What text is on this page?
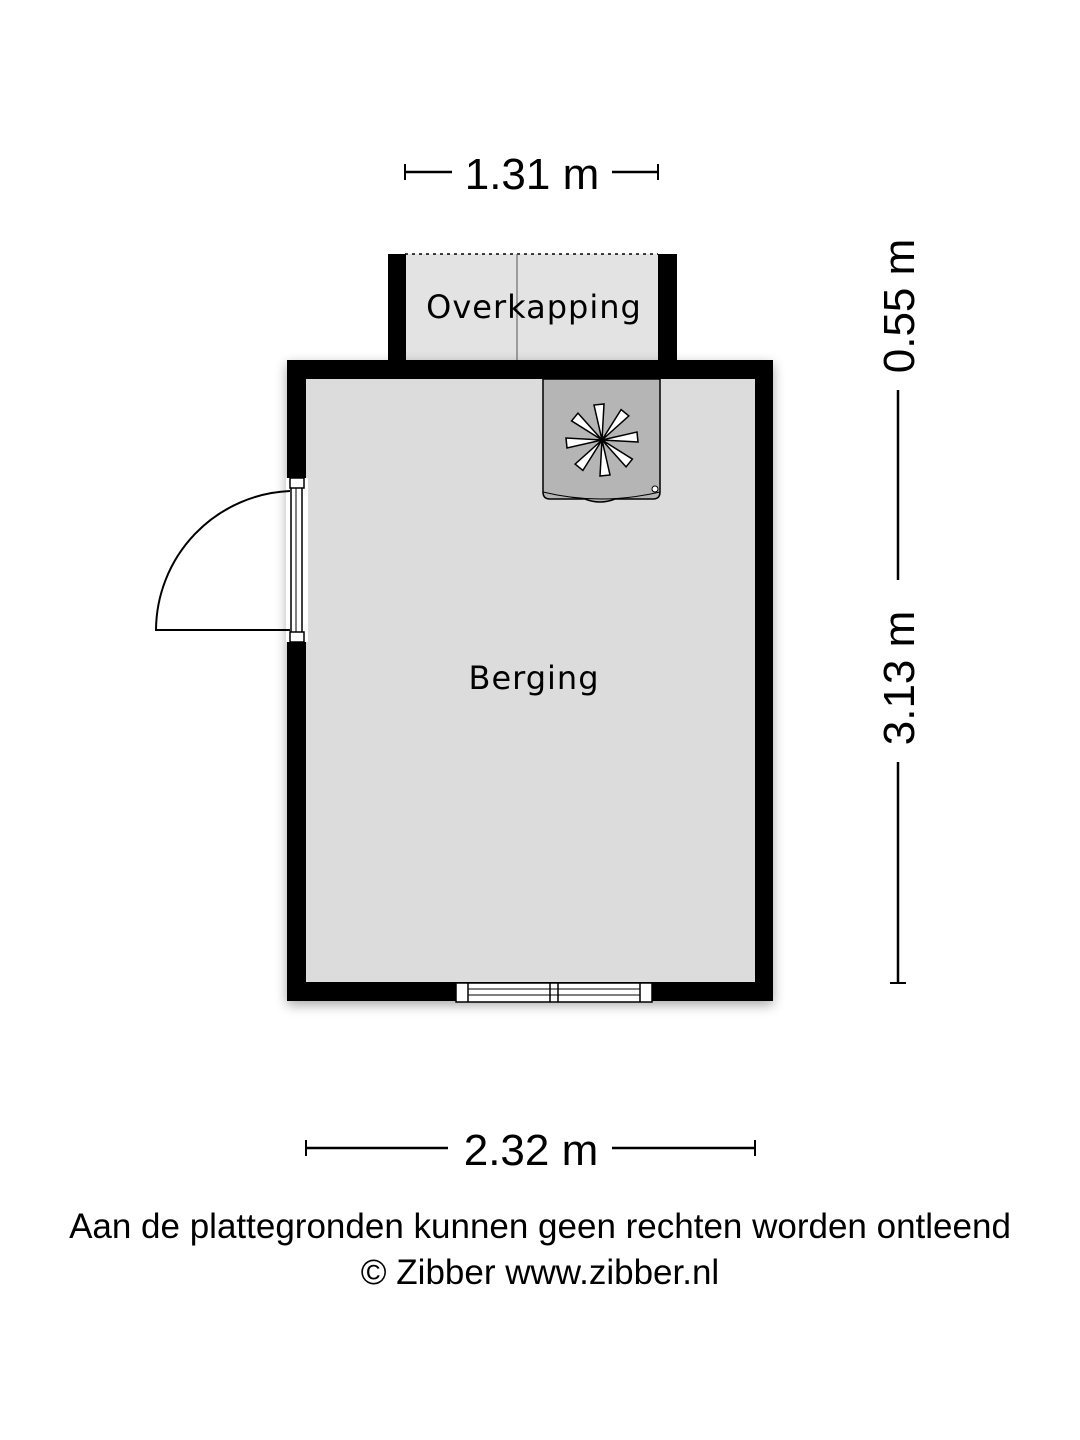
1.31 m
Overkapping
Berging
0.55 m
3.13 m
2.32 m
Aan de plattegronden kunnen geen rechten worden ontleend
© Zibber www.zibber.nl
